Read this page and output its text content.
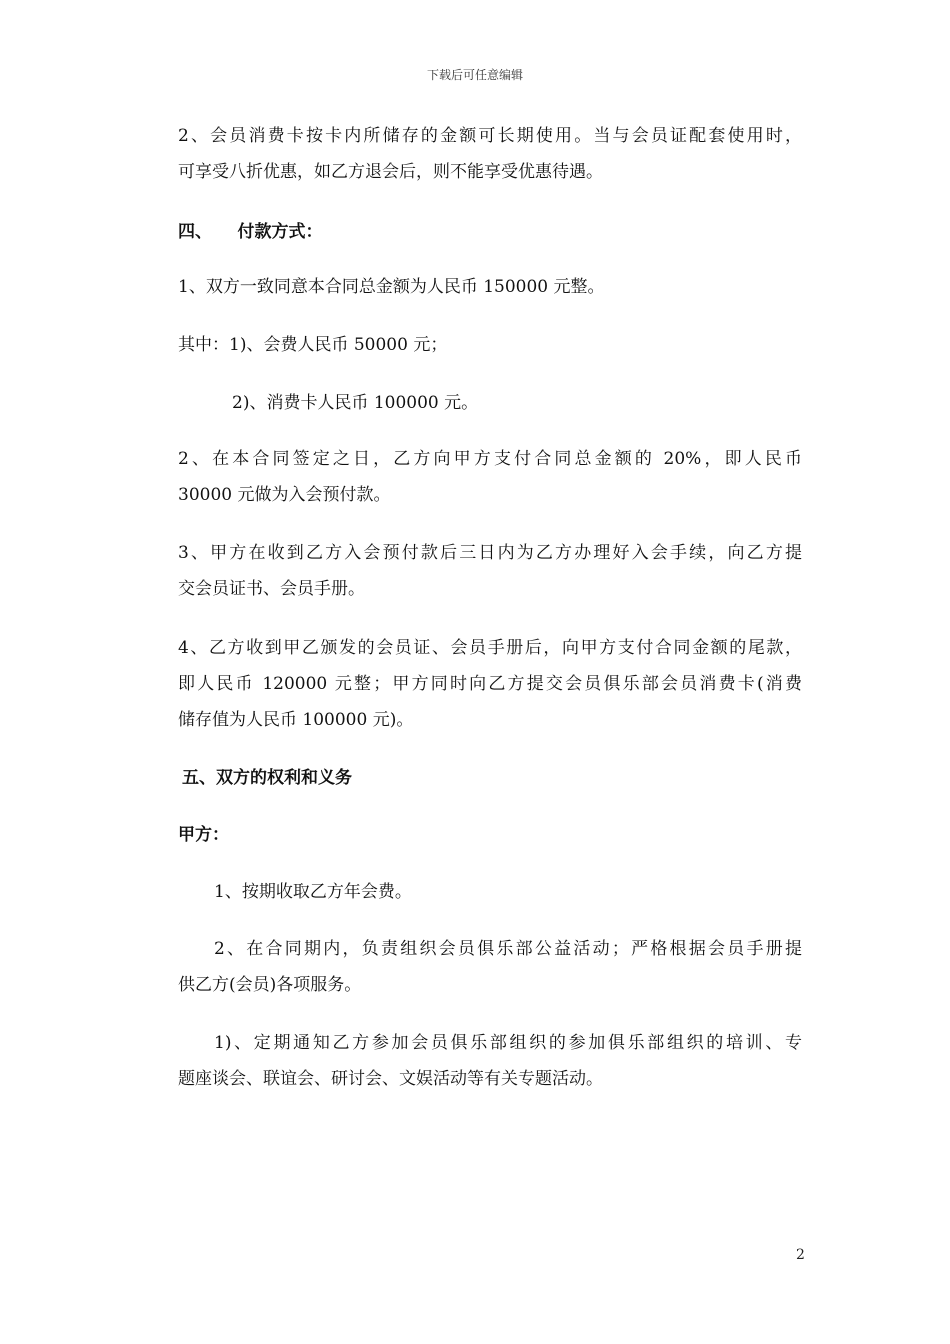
下载后可任意编辑
2、会员消费卡按卡内所储存的金额可长期使用。当与会员证配套使用时，
可享受八折优惠，如乙方退会后，则不能享受优惠待遇。
四、　　付款方式：
1、双方一致同意本合同总金额为人民币 150000 元整。
其中：1)、会费人民币 50000 元；
2)、消费卡人民币 100000 元。
2、在本合同签定之日，乙方向甲方支付合同总金额的 20%，即人民币
30000 元做为入会预付款。
3、甲方在收到乙方入会预付款后三日内为乙方办理好入会手续，向乙方提
交会员证书、会员手册。
4、乙方收到甲乙颁发的会员证、会员手册后，向甲方支付合同金额的尾款，
即人民币 120000 元整；甲方同时向乙方提交会员俱乐部会员消费卡(消费
储存值为人民币 100000 元)。
五、双方的权利和义务
甲方：
1、按期收取乙方年会费。
2、在合同期内，负责组织会员俱乐部公益活动；严格根据会员手册提
供乙方(会员)各项服务。
1)、定期通知乙方参加会员俱乐部组织的参加俱乐部组织的培训、专
题座谈会、联谊会、研讨会、文娱活动等有关专题活动。
2
